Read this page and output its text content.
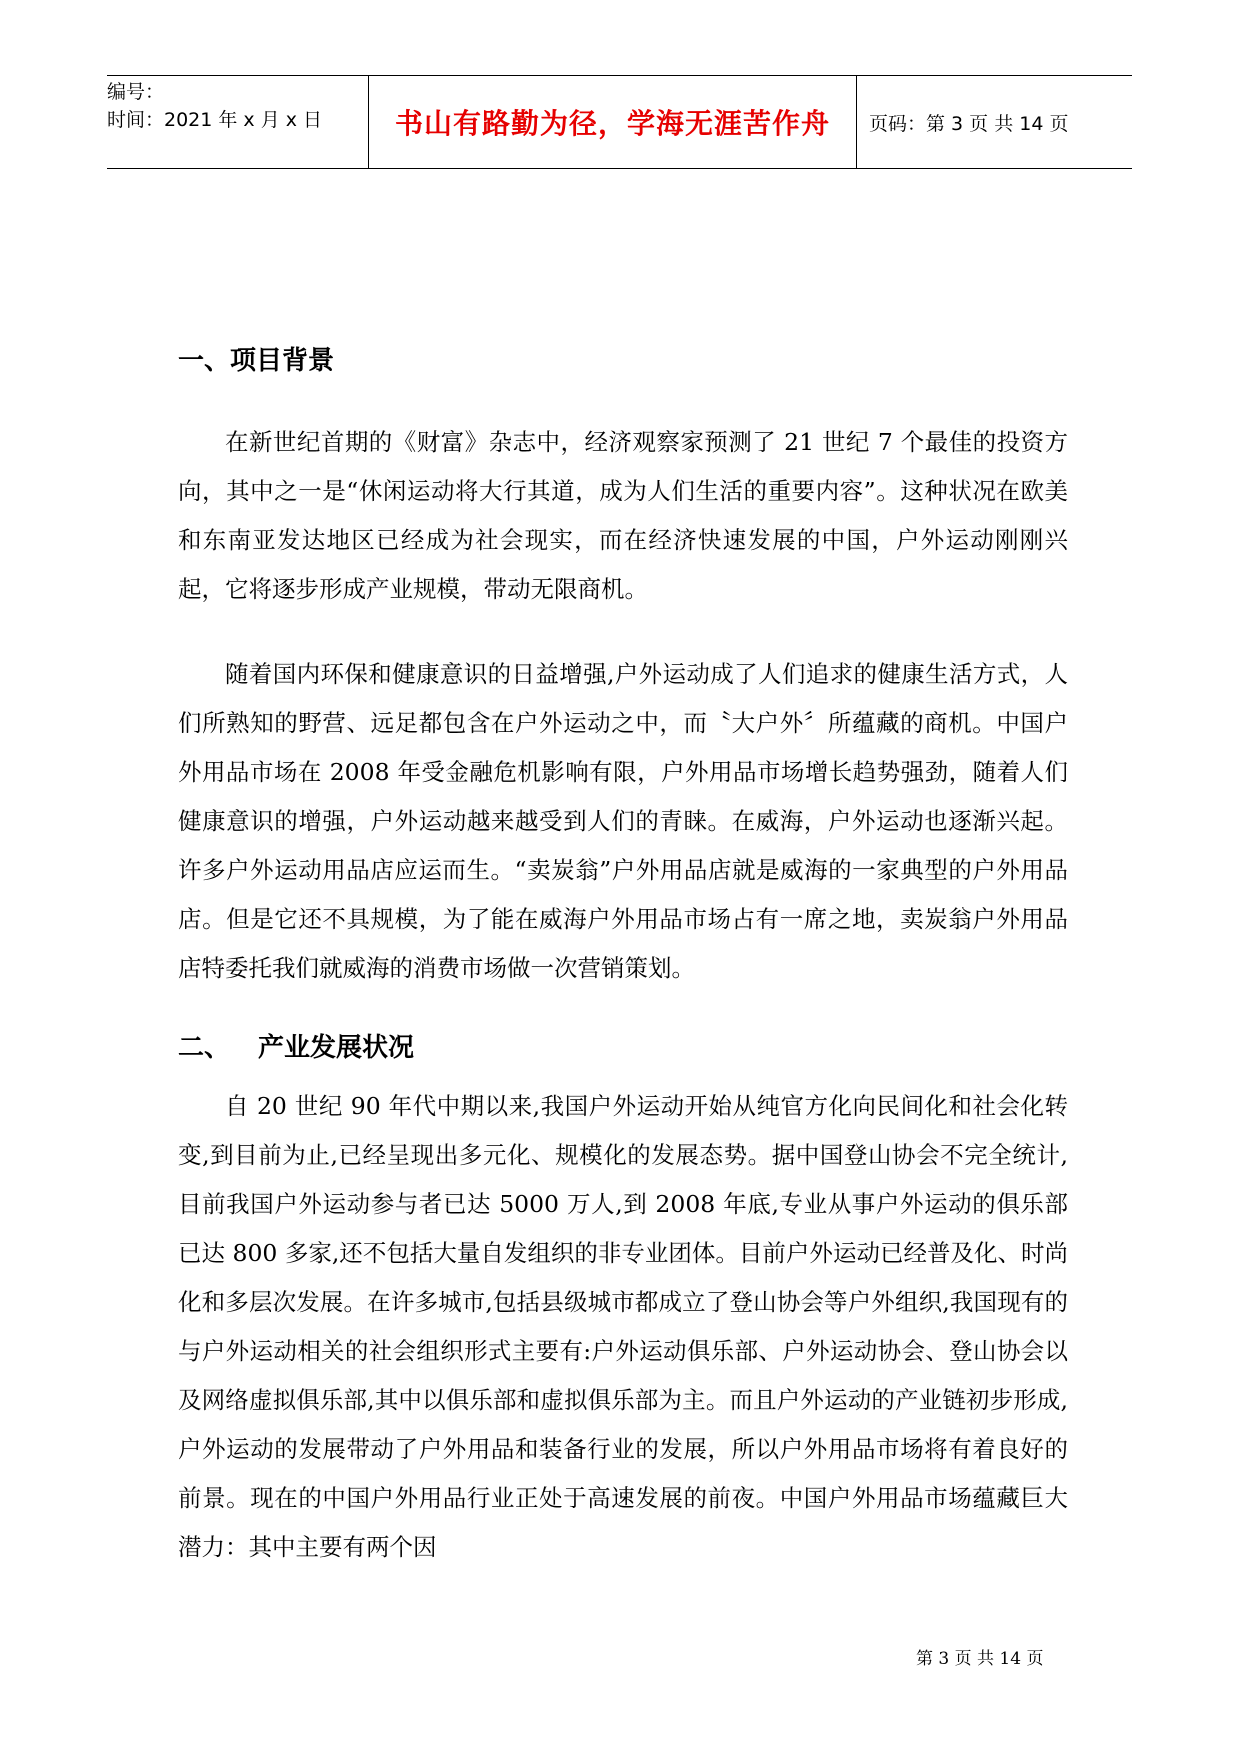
编号：
时间：2021 年 x 月 x 日	书山有路勤为径，学海无涯苦作舟 页码：第 3 页 共 14 页
一、项目背景

在新世纪首期的《财富》杂志中，经济观察家预测了 21 世纪 7 个最佳的投资方向，其中之一是“休闲运动将大行其道，成为人们生活的重要内容”。这种状况在欧美和东南亚发达地区已经成为社会现实，而在经济快速发展的中国，户外运动刚刚兴起，它将逐步形成产业规模，带动无限商机。

随着国内环保和健康意识的日益增强,户外运动成了人们追求的健康生活方式，人们所熟知的野营、远足都包含在户外运动之中，而〝大户外〞所蕴藏的商机。中国户外用品市场在 2008 年受金融危机影响有限，户外用品市场增长趋势强劲，随着人们健康意识的增强，户外运动越来越受到人们的青睐。在威海，户外运动也逐渐兴起。许多户外运动用品店应运而生。“卖炭翁”户外用品店就是威海的一家典型的户外用品店。但是它还不具规模，为了能在威海户外用品市场占有一席之地，卖炭翁户外用品店特委托我们就威海的消费市场做一次营销策划。

二、 产业发展状况

自 20 世纪 90 年代中期以来,我国户外运动开始从纯官方化向民间化和社会化转变,到目前为止,已经呈现出多元化、规模化的发展态势。据中国登山协会不完全统计,目前我国户外运动参与者已达 5000 万人,到 2008 年底,专业从事户外运动的俱乐部已达 800 多家,还不包括大量自发组织的非专业团体。目前户外运动已经普及化、时尚化和多层次发展。在许多城市,包括县级城市都成立了登山协会等户外组织,我国现有的与户外运动相关的社会组织形式主要有:户外运动俱乐部、户外运动协会、登山协会以及网络虚拟俱乐部,其中以俱乐部和虚拟俱乐部为主。而且户外运动的产业链初步形成,户外运动的发展带动了户外用品和装备行业的发展，所以户外用品市场将有着良好的前景。现在的中国户外用品行业正处于高速发展的前夜。中国户外用品市场蕴藏巨大潜力：其中主要有两个因

第 3 页 共 14 页
